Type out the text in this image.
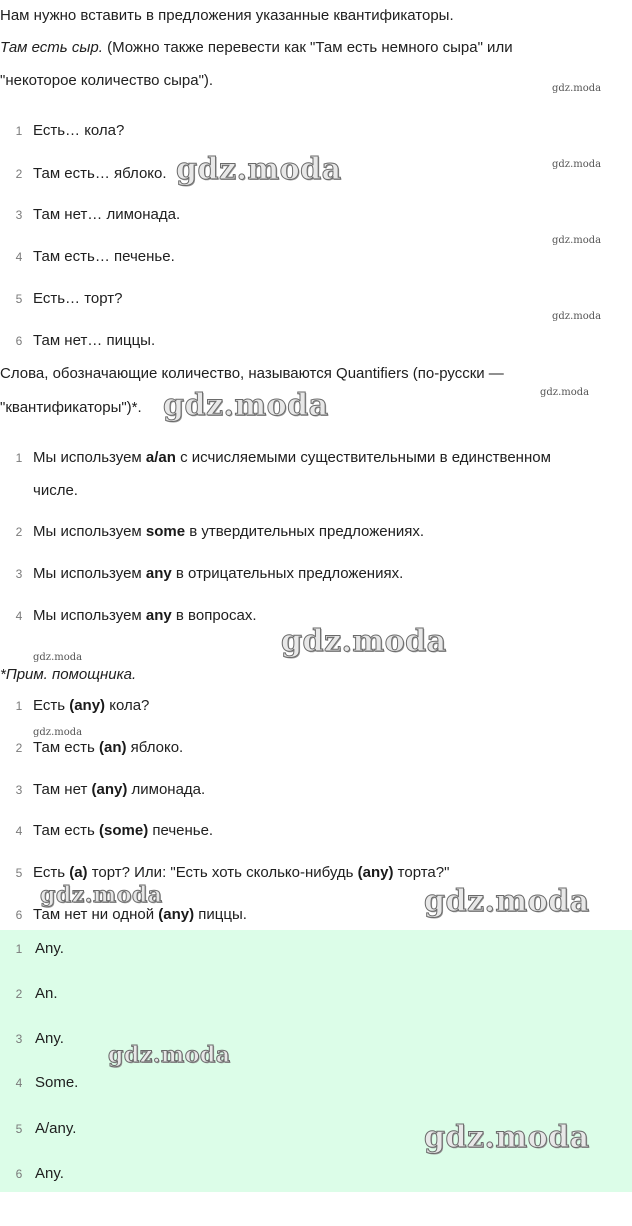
Нам нужно вставить в предложения указанные квантификаторы.

Там есть сыр. (Можно также перевести как "Там есть немного сыра" или

"некоторое количество сыра").

1 Есть… кола?
2 Там есть… яблоко.
3 Там нет… лимонада.
4 Там есть… печенье.
5 Есть… торт?
6 Там нет… пиццы.

Слова, обозначающие количество, называются Quantifiers (по-русски —

"квантификаторы")*.

1 Мы используем a/an с исчисляемыми существительными в единственном
числе.
2 Мы используем some в утвердительных предложениях.
3 Мы используем any в отрицательных предложениях.
4 Мы используем any в вопросах.
*Прим. помощника.
1 Есть (any) кола?
2 Там есть (an) яблоко.
3 Там нет (any) лимонада.
4 Там есть (some) печенье.
5 Есть (a) торт? Или: "Есть хоть сколько-нибудь (any) торта?"
6 Там нет ни одной (any) пиццы.
1 Any.
2 An.
3 Any.
4 Some.
5 A/any.
6 Any.
gdz.moda
gdz.moda
gdz.moda
gdz.moda
gdz.moda
gdz.moda
gdz.moda
gdz.moda
gdz.moda
gdz.moda
gdz.moda	gdz.moda
gdz.moda
gdz.moda
